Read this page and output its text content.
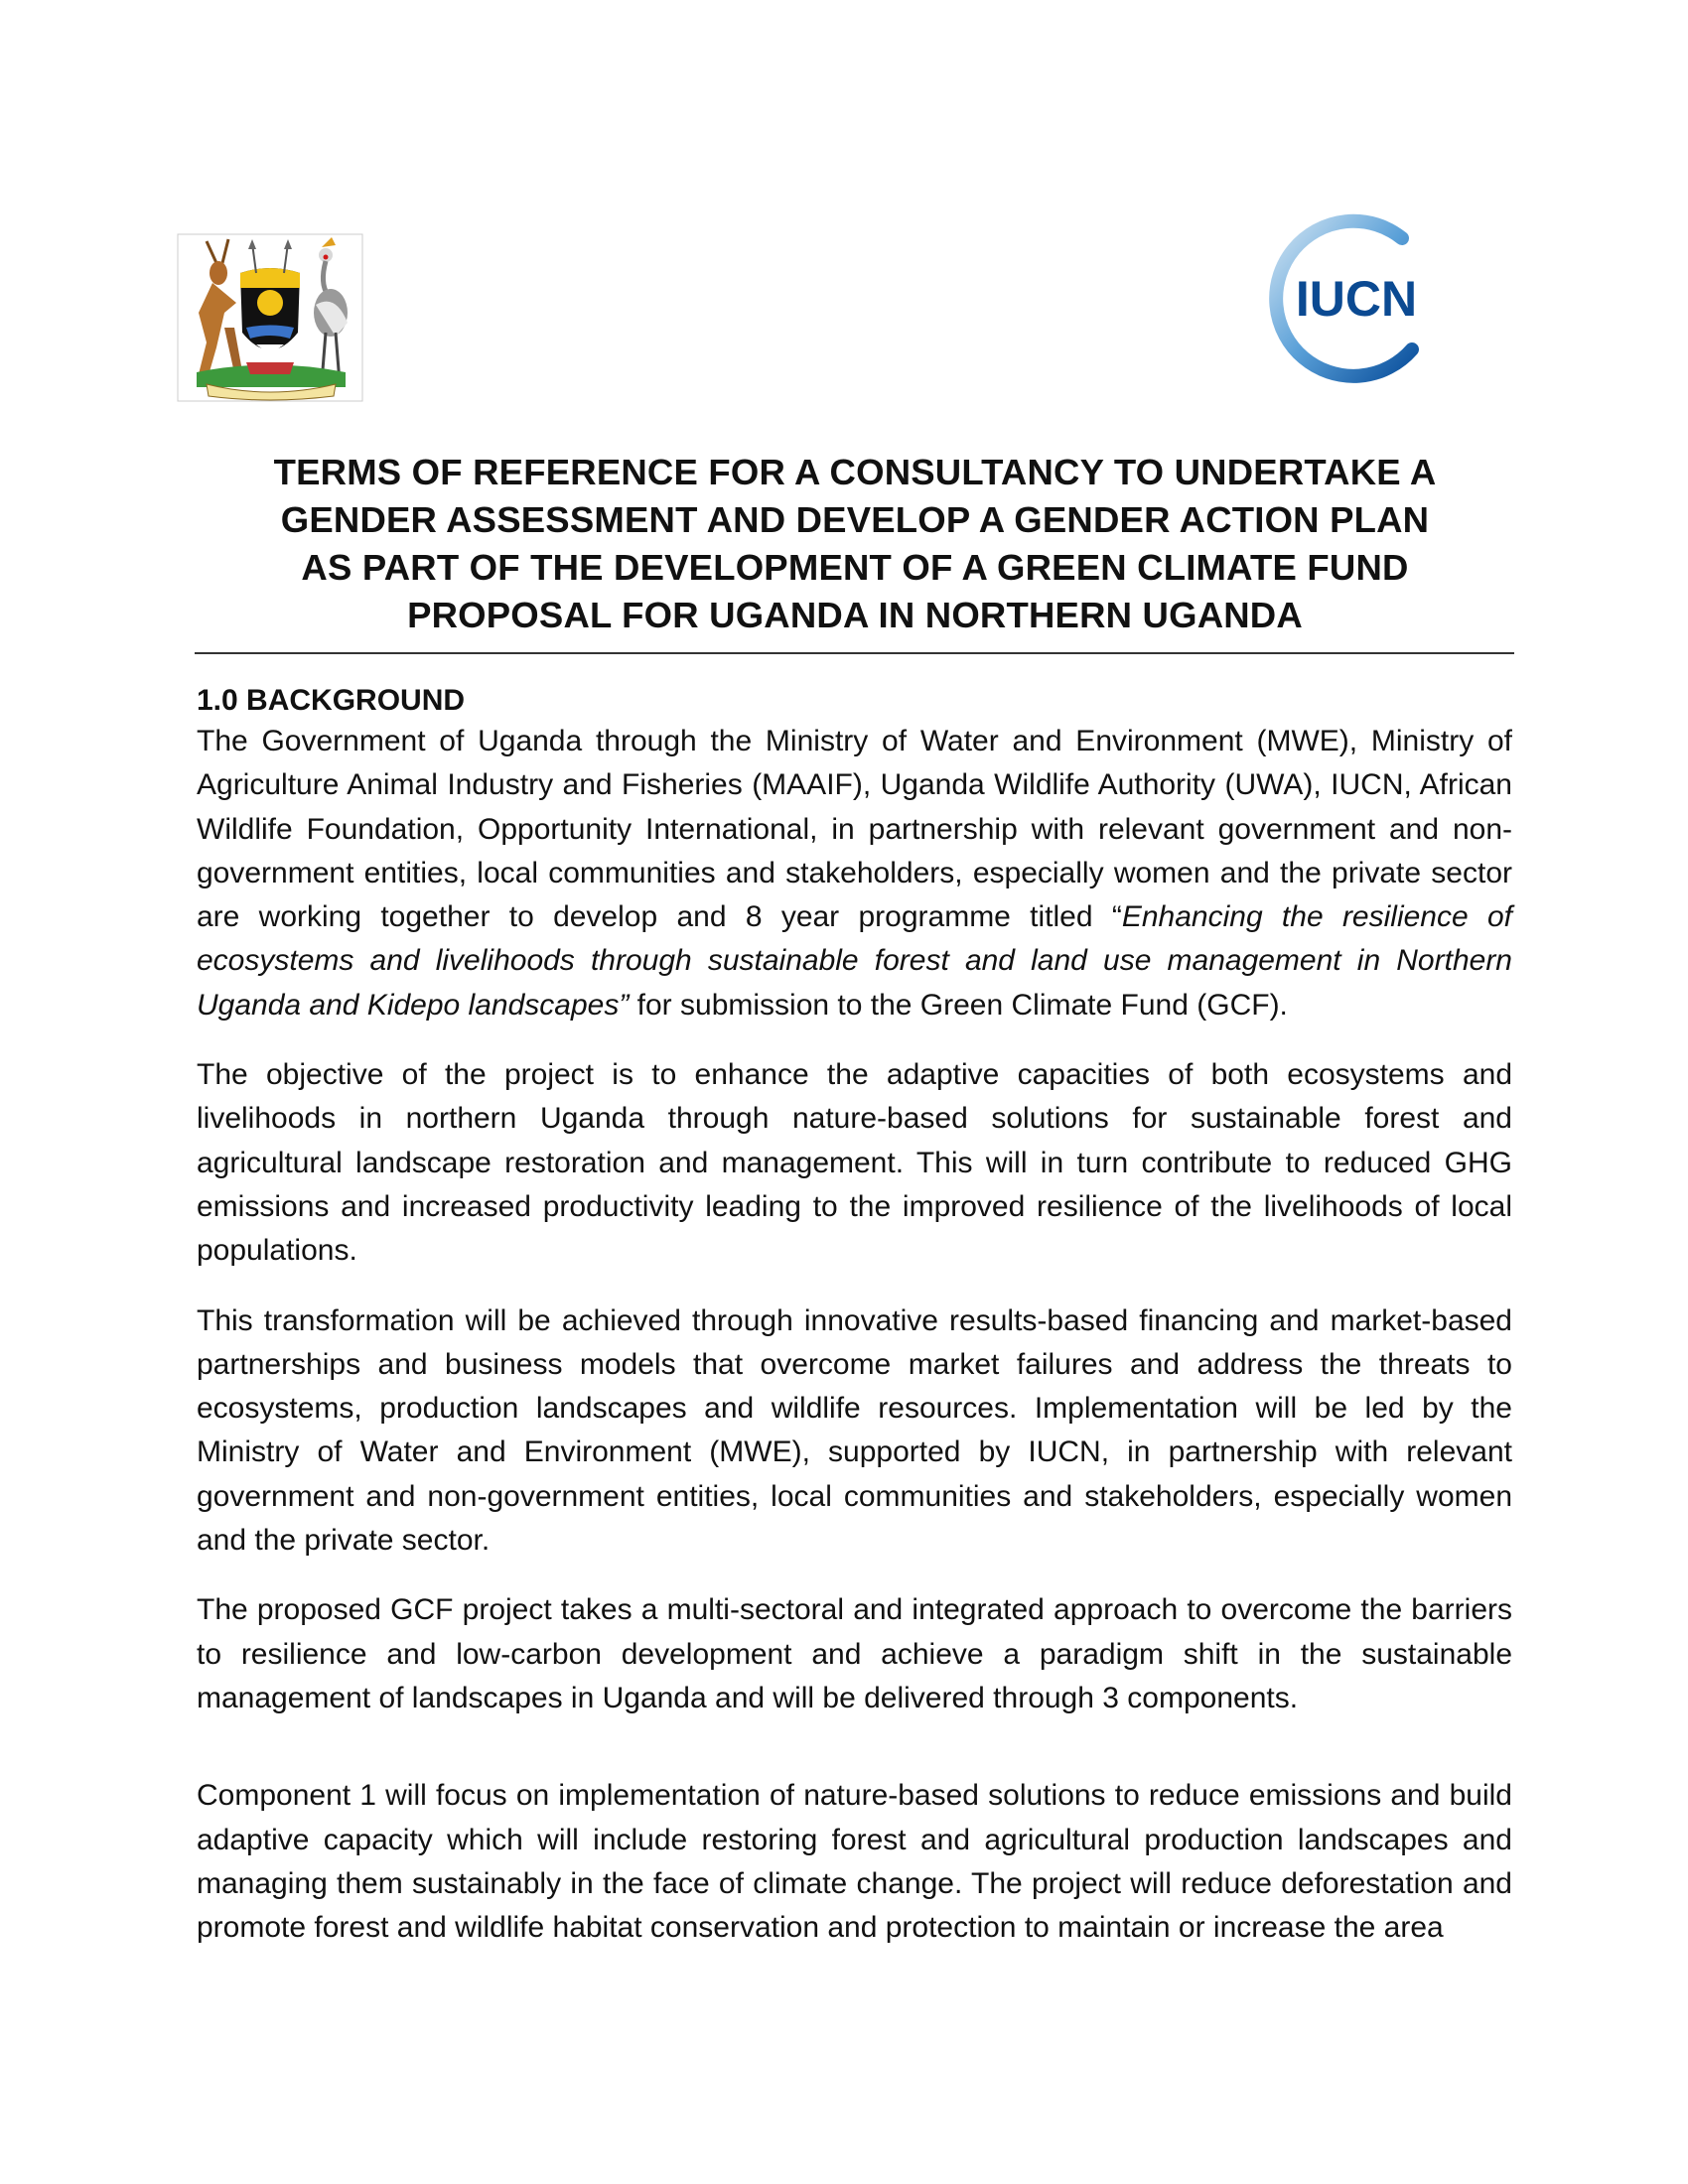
IUCN
TERMS OF REFERENCE FOR A CONSULTANCY TO UNDERTAKE A
GENDER ASSESSMENT AND DEVELOP A GENDER ACTION PLAN
AS PART OF THE DEVELOPMENT OF A GREEN CLIMATE FUND
PROPOSAL FOR UGANDA IN NORTHERN UGANDA
1.0 BACKGROUND

The Government of Uganda through the Ministry of Water and Environment (MWE), Ministry of Agriculture Animal Industry and Fisheries (MAAIF), Uganda Wildlife Authority (UWA), IUCN, African Wildlife Foundation, Opportunity International, in partnership with relevant government and non-government entities, local communities and stakeholders, especially women and the private sector are working together to develop and 8 year programme titled “Enhancing the resilience of ecosystems and livelihoods through sustainable forest and land use management in Northern Uganda and Kidepo landscapes” for submission to the Green Climate Fund (GCF).

The objective of the project is to enhance the adaptive capacities of both ecosystems and livelihoods in northern Uganda through nature-based solutions for sustainable forest and agricultural landscape restoration and management. This will in turn contribute to reduced GHG emissions and increased productivity leading to the improved resilience of the livelihoods of local populations.

This transformation will be achieved through innovative results-based financing and market-based partnerships and business models that overcome market failures and address the threats to ecosystems, production landscapes and wildlife resources. Implementation will be led by the Ministry of Water and Environment (MWE), supported by IUCN, in partnership with relevant government and non-government entities, local communities and stakeholders, especially women and the private sector.

The proposed GCF project takes a multi-sectoral and integrated approach to overcome the barriers to resilience and low-carbon development and achieve a paradigm shift in the sustainable management of landscapes in Uganda and will be delivered through 3 components.

Component 1 will focus on implementation of nature-based solutions to reduce emissions and build adaptive capacity which will include restoring forest and agricultural production landscapes and managing them sustainably in the face of climate change. The project will reduce deforestation and promote forest and wildlife habitat conservation and protection to maintain or increase the area
